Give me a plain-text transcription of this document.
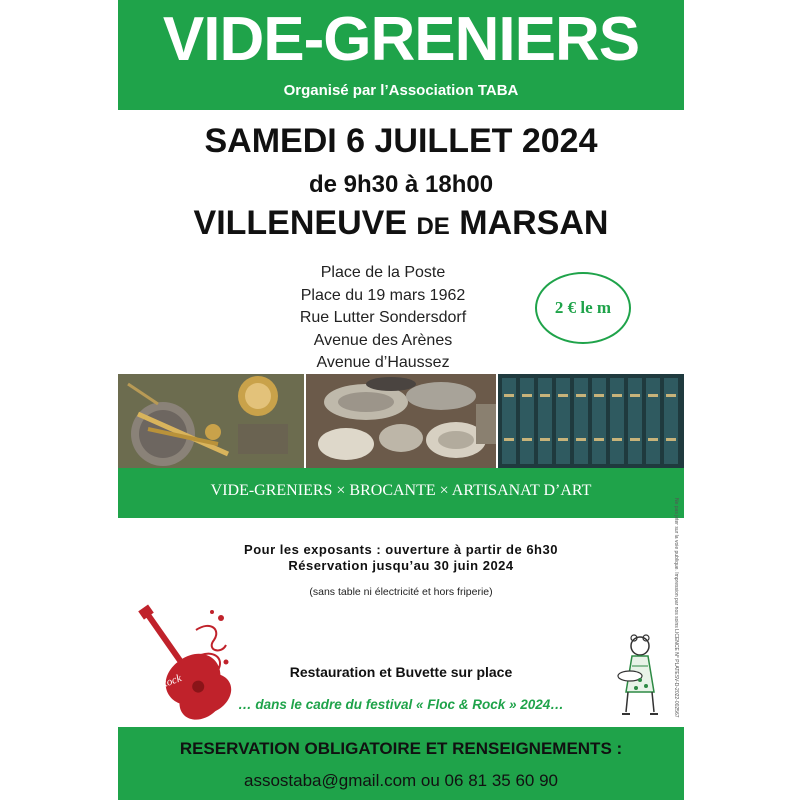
VIDE-GRENIERS
Organisé par l’Association TABA
SAMEDI 6 JUILLET 2024
de 9h30 à 18h00
VILLENEUVE DE MARSAN
Place de la Poste
Place du 19 mars 1962
Rue Lutter Sondersdorf
Avenue des Arènes
Avenue d’Haussez
2 € le m
VIDE-GRENIERS × BROCANTE × ARTISANAT D’ART
Pour les exposants : ouverture à partir de 6h30
Réservation jusqu’au 30 juin 2024
(sans table ni électricité et hors friperie)
Floc Rock
Restauration et Buvette sur place
… dans le cadre du festival « Floc & Rock » 2024…	Ne pas jeter sur la voie publique. Impression par nos soins LICENCE N° PLATESV-D-2022-002567
RESERVATION OBLIGATOIRE ET RENSEIGNEMENTS :
assostaba@gmail.com ou 06 81 35 60 90
